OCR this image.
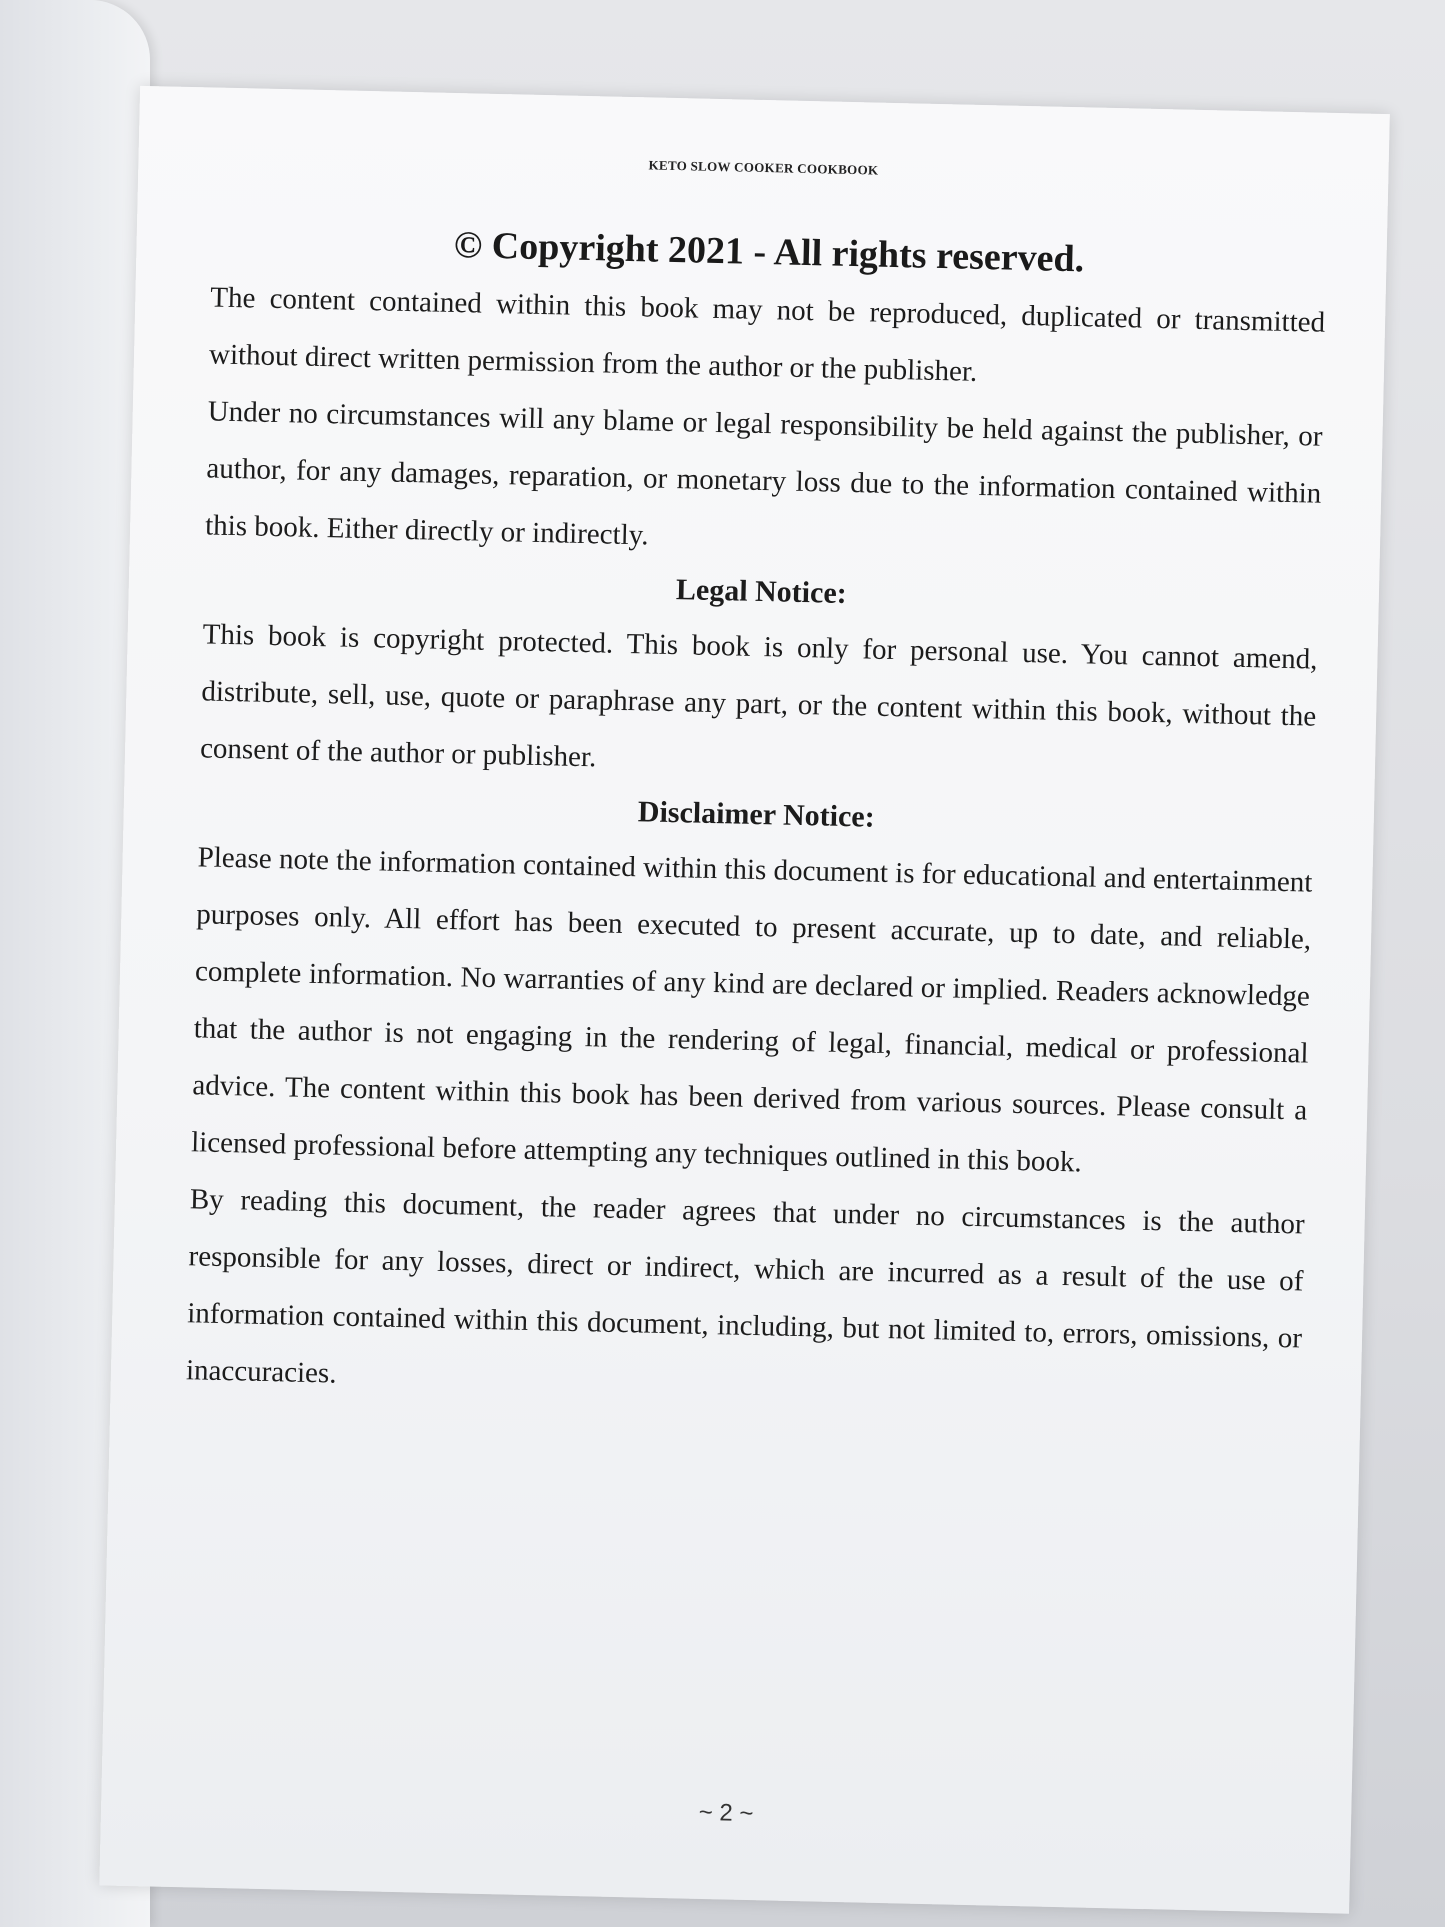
KETO SLOW COOKER COOKBOOK
© Copyright 2021 - All rights reserved.

The content contained within this book may not be reproduced, duplicated or transmitted without direct written permission from the author or the publisher.

Under no circumstances will any blame or legal responsibility be held against the publisher, or author, for any damages, reparation, or monetary loss due to the information contained within this book. Either directly or indirectly.

Legal Notice:

This book is copyright protected. This book is only for personal use. You cannot amend, distribute, sell, use, quote or paraphrase any part, or the content within this book, without the consent of the author or publisher.

Disclaimer Notice:

Please note the information contained within this document is for educational and entertainment purposes only. All effort has been executed to present accurate, up to date, and reliable, complete information. No warranties of any kind are declared or implied. Readers acknowledge that the author is not engaging in the rendering of legal, financial, medical or professional advice. The content within this book has been derived from various sources. Please consult a licensed professional before attempting any techniques outlined in this book.

By reading this document, the reader agrees that under no circumstances is the author responsible for any losses, direct or indirect, which are incurred as a result of the use of information contained within this document, including, but not limited to, errors, omissions, or inaccuracies.

~ 2 ~
